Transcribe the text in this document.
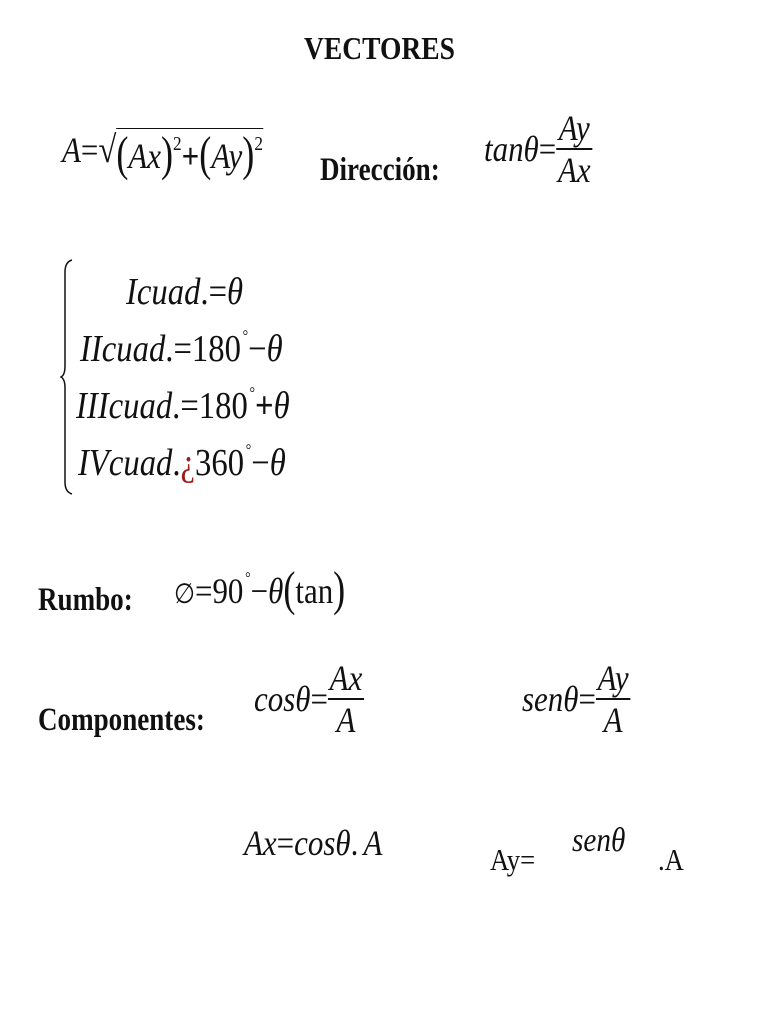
VECTORES
A= √ $(Ax)^2+(Ay)^2$
Dirección:
$\tan\theta= \frac{Ay}{Ax}$
Icuad.=θ
IIcuad.=180 °−θ
IIIcuad.=180 °+θ
IVcuad.¿360 °−θ
Rumbo: ∅=90 °−θ(tan)
Componentes:
$\cos\theta= \frac{Ax}{A}$	$sen\theta= \frac{Ay}{A}$
Ax=cosθ. A	Ay=
senθ
.A
